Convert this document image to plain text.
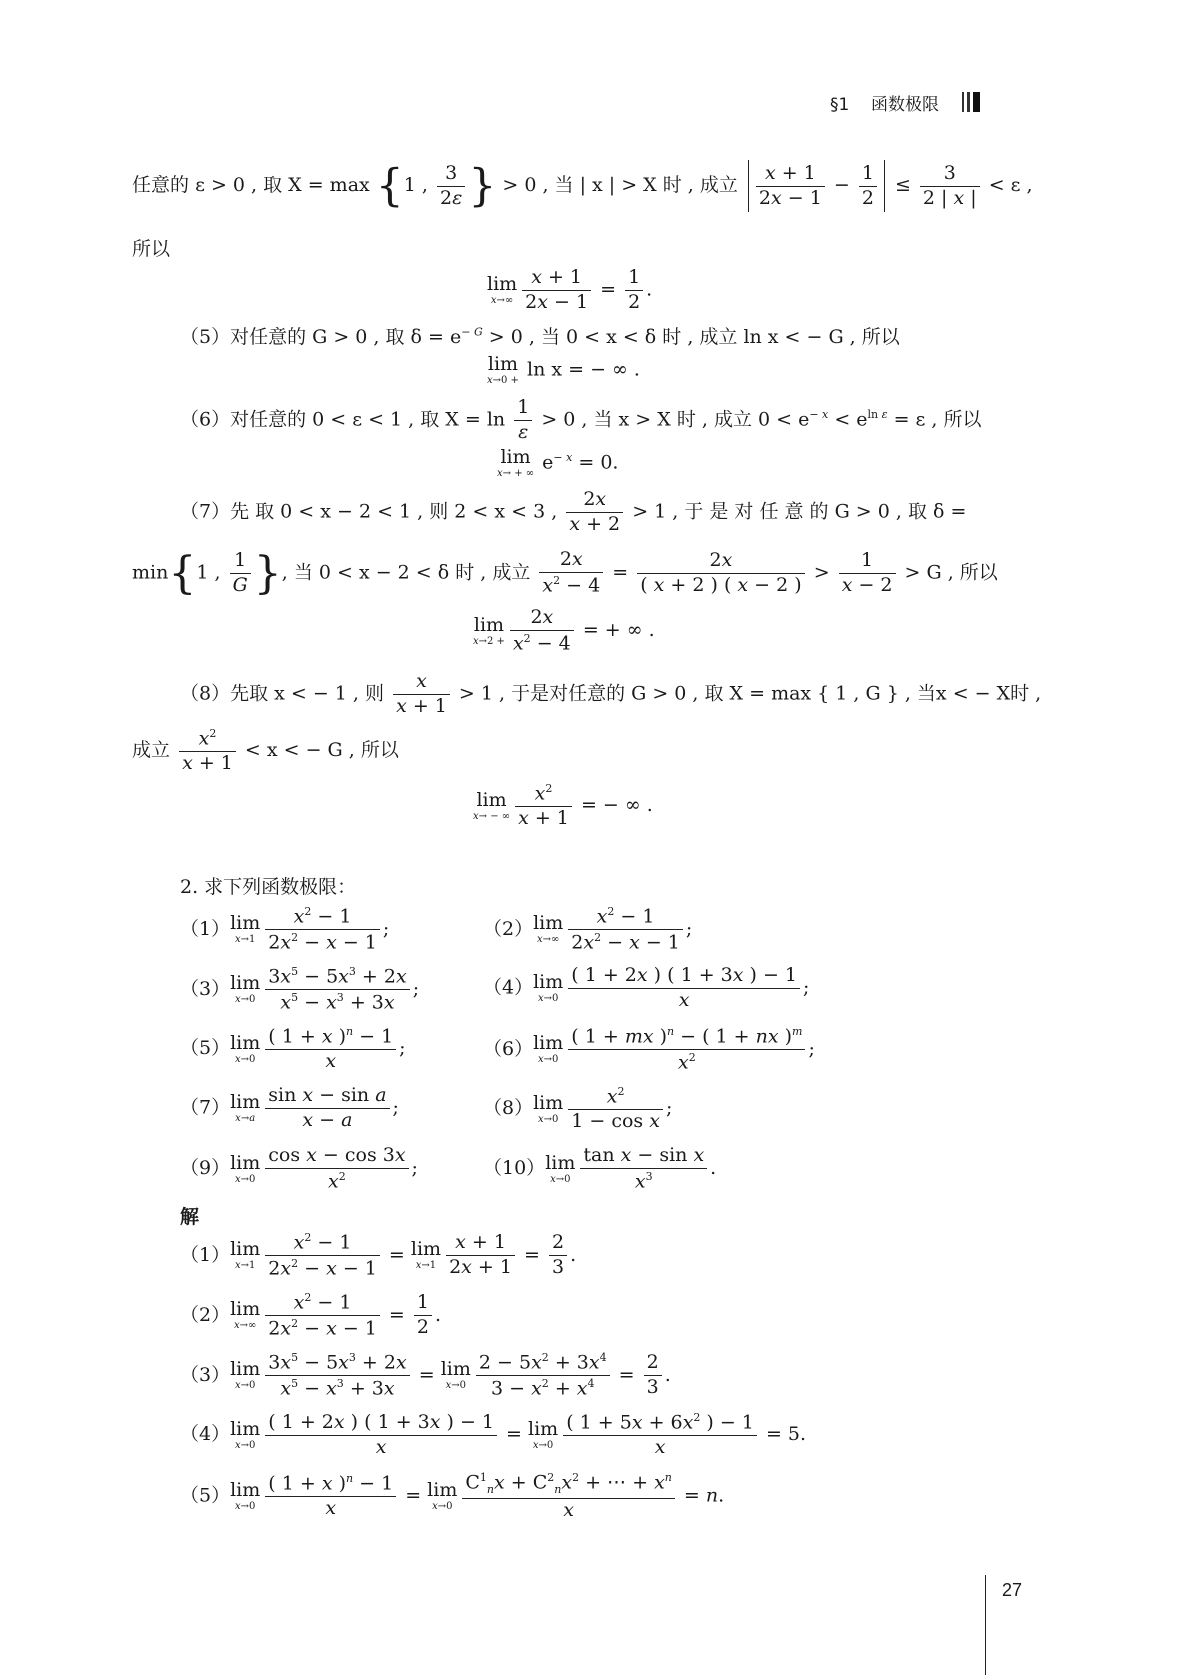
§1 函数极限
任意的 ε > 0 , 取 X = max {1 , $\frac{3}{2\varepsilon}$ } > 0 , 当 | x | > X 时 , 成立 $\frac{x + 1}{2x - 1} - \frac{1}{2} \le \frac{3}{2 | x |} < \varepsilon$ ,
所以
lim
$x\to\infty \frac{x + 1}{2x - 1} = \frac{1}{2}$ .
（5）对任意的 G > 0 , 取 $\delta = e^{- G} > 0$ , 当 0 < x < δ 时 , 成立 ln x < − G , 所以
lim
x→0 + ln x = − ∞ .
（6）对任意的 0 < ε < 1 , 取 $X = \ln \frac{1}{\varepsilon} > 0$ , 当 x > X 时 , 成立 $0 < e^{- x} < e^{ln \varepsilon} = \varepsilon$ , 所以
lim
x→ + ∞ $e^{- x} = 0$.
（7）先 取 0 < x − 2 < 1 , 则 2 < x < 3 , $\frac{2x}{x + 2} > 1$ , 于 是 对 任 意 的 G > 0 , 取 δ =
min{1 , $\frac{1}{G}$ }, 当 0 < x − 2 < δ 时 , 成立 $\frac{2x}{x^2 - 4} = \frac{2x}{( x + 2 ) ( x - 2 )} > \frac{1}{x - 2} > G$ , 所以
lim
$x\to 2 + \frac{2x}{x^2 - 4}$ = + ∞ .
（8）先取 x < − 1 , 则 $\frac{x}{x + 1} > 1$ , 于是对任意的 G > 0 , 取 X = max { 1 , G } , 当x < − X时 ,
成立 $\frac{x^2}{x + 1} < x$ < − G , 所以
lim
x→ − ∞ $\frac{x^2}{x + 1}$ = − ∞ .
2. 求下列函数极限：
（1）lim
$x\to 1 \frac{x^2 - 1}{2x^2 - x - 1}$ ;	（2）lim
$x\to\infty \frac{x^2 - 1}{2x^2 - x - 1}$ ;
（3）lim
$x\to 0 \frac{3x^5 - 5x^3 + 2x}{x^5 - x^3 + 3x}$ ;	（4）lim
$x\to 0 \frac{( 1 + 2x ) ( 1 + 3x ) - 1}{x}$ ;
（5）lim
$x\to 0 \frac{( 1 + x )^n - 1}{x}$ ;	（6）lim
$x\to 0 \frac{( 1 + mx )^n - ( 1 + nx )^m}{x^2}$ ;
（7）lim
$x\to a \frac{\text{sin x − sin a}}{x - a}$ ;	（8）lim
$x\to 0 \frac{x^2}{\text{1 − cos x}}$ ;
（9）lim
$x\to 0 \frac{\text{cos x − cos 3x}}{x^2}$ ;	（10）lim
$x\to 0 \frac{\text{tan x − sin x}}{x^3}$ .
解
（1）lim
$x\to 1 \frac{x^2 - 1}{2x^2 - x - 1} = \lim$
$x\to 1 \frac{x + 1}{2x + 1} = \frac{2}{3}$ .
（2）lim
$x\to\infty \frac{x^2 - 1}{2x^2 - x - 1} = \frac{1}{2}$ .
（3）lim
$x\to 0 \frac{3x^5 - 5x^3 + 2x}{x^5 - x^3 + 3x} = \lim$
$x\to 0 \frac{2 - 5x^2 + 3x^4}{3 - x^2 + x^4} = \frac{2}{3}$ .
（4）lim
$x\to 0 \frac{( 1 + 2x ) ( 1 + 3x ) - 1}{x} = \lim$
$x\to 0 \frac{( 1 + 5x + 6x^2 ) - 1}{x} = 5$.
（5）lim
$x\to 0 \frac{( 1 + x )^n - 1}{x} = \lim$
$x\to 0 \frac{C^1_nx + C^2_nx^2 + \cdots + x^n}{x} = n$.
27
